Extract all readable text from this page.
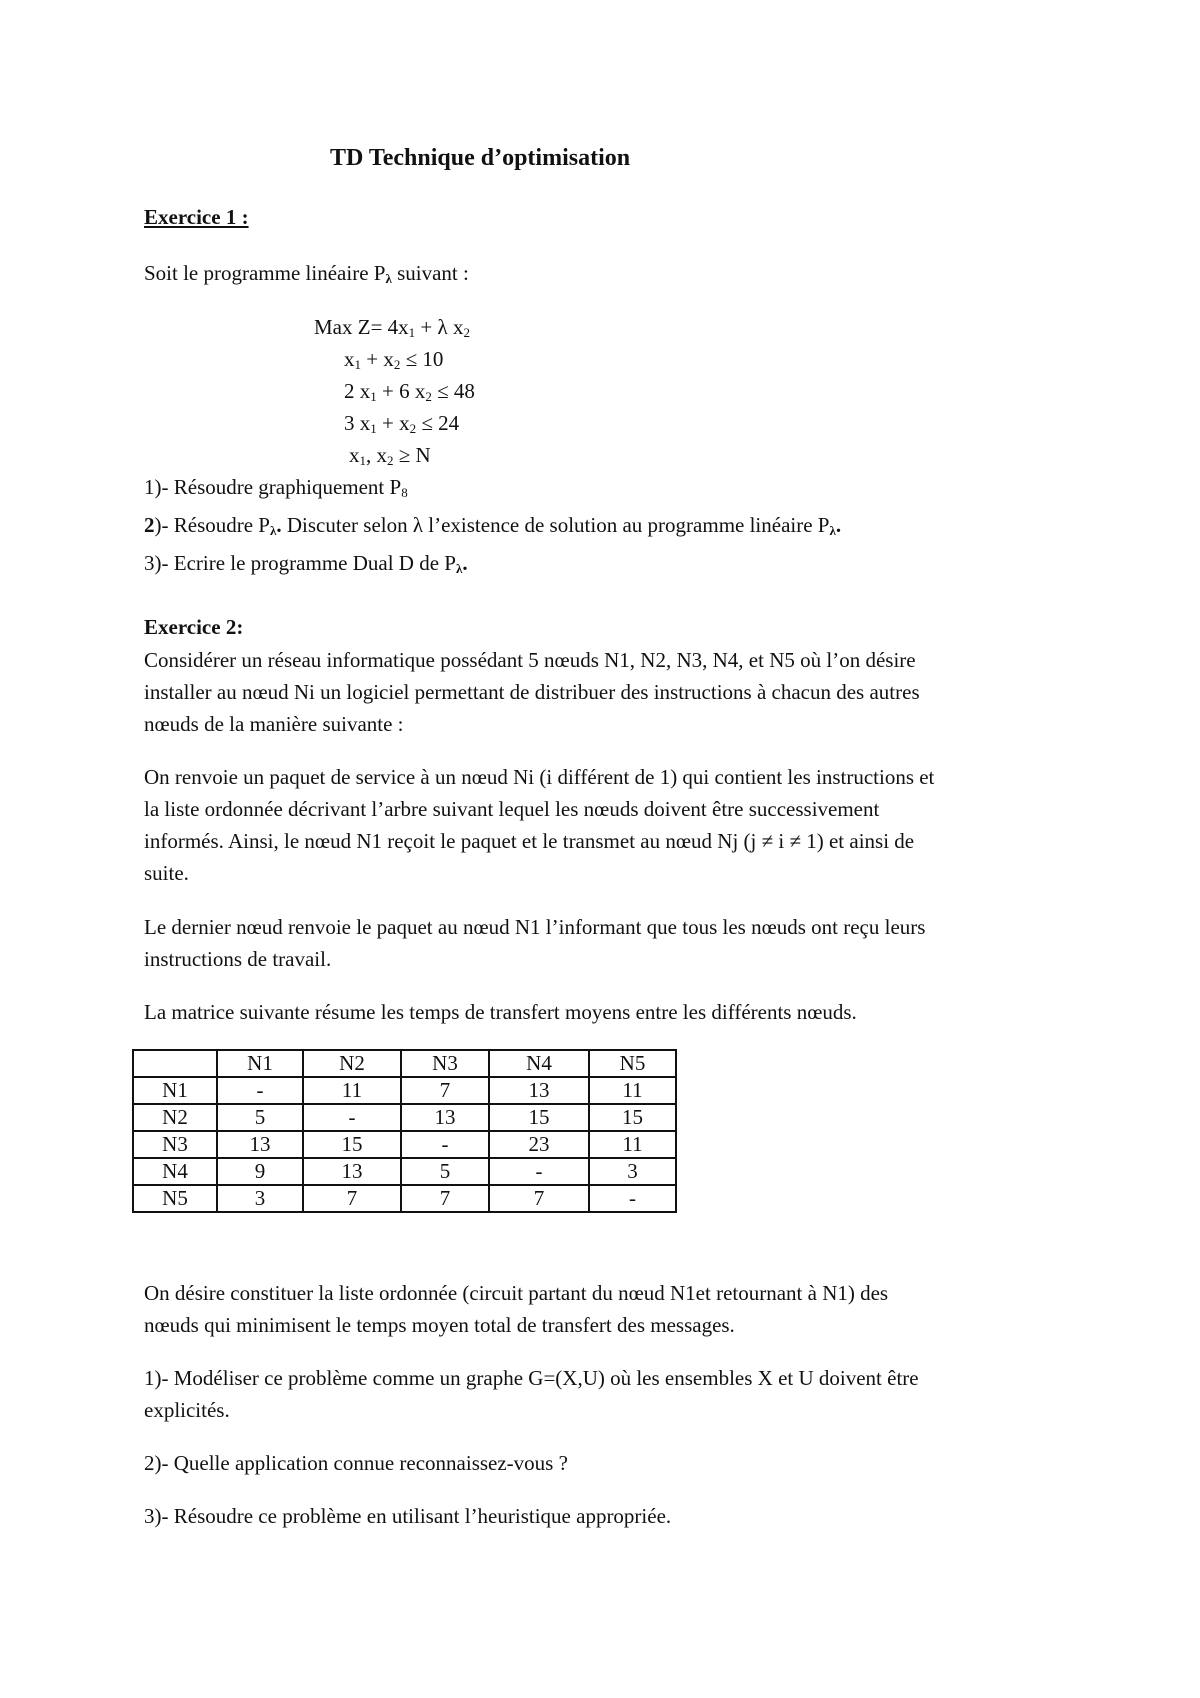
TD Technique d’optimisation
Exercice 1 :
Soit le programme linéaire $P_\lambda$ suivant :
Max $Z= 4x_1 + \lambda$ $x_2$
$x_1 + x_2 \le 10$
2 $x_1 + 6$ $x_2 \le 48$
3 $x_1 + x_2 \le 24$
$x_1$, $x_2 \ge N$
1)- Résoudre graphiquement $P_8$
2)- Résoudre $P_\lambda$. Discuter selon λ l’existence de solution au programme linéaire $P_\lambda$.
3)- Ecrire le programme Dual D de $P_\lambda$.
Exercice 2:
Considérer un réseau informatique possédant 5 nœuds N1, N2, N3, N4, et N5 où l’on désire
installer au nœud Ni un logiciel permettant de distribuer des instructions à chacun des autres
nœuds de la manière suivante :
On renvoie un paquet de service à un nœud Ni (i différent de 1) qui contient les instructions et
la liste ordonnée décrivant l’arbre suivant lequel les nœuds doivent être successivement
informés. Ainsi, le nœud N1 reçoit le paquet et le transmet au nœud Nj (j ≠ i ≠ 1) et ainsi de
suite.
Le dernier nœud renvoie le paquet au nœud N1 l’informant que tous les nœuds ont reçu leurs
instructions de travail.
La matrice suivante résume les temps de transfert moyens entre les différents nœuds.
	N1	N2	N3	N4	N5
N1	-	11	7	13	11
N2	5	-	13	15	15
N3	13	15	-	23	11
N4	9	13	5	-	3
N5	3	7	7	7	-
On désire constituer la liste ordonnée (circuit partant du nœud N1et retournant à N1) des
nœuds qui minimisent le temps moyen total de transfert des messages.
1)- Modéliser ce problème comme un graphe G=(X,U) où les ensembles X et U doivent être
explicités.
2)- Quelle application connue reconnaissez-vous ?
3)- Résoudre ce problème en utilisant l’heuristique appropriée.
